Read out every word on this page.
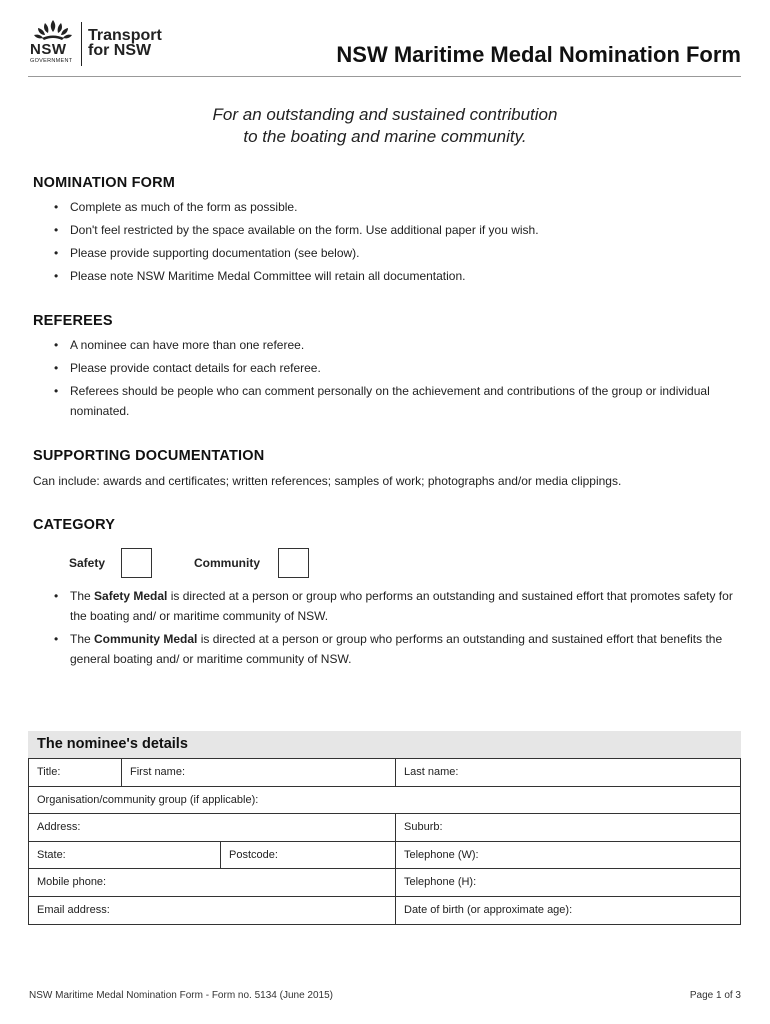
NSW
GOVERNMENT
Transport
for NSW	NSW Maritime Medal Nomination Form
For an outstanding and sustained contribution
to the boating and marine community.
NOMINATION FORM
• Complete as much of the form as possible.
• Don't feel restricted by the space available on the form. Use additional paper if you wish.
• Please provide supporting documentation (see below).
• Please note NSW Maritime Medal Committee will retain all documentation.
REFEREES
• A nominee can have more than one referee.
• Please provide contact details for each referee.
• Referees should be people who can comment personally on the achievement and contributions of the group or individual nominated.
SUPPORTING DOCUMENTATION
Can include: awards and certificates; written references; samples of work; photographs and/or media clippings.
CATEGORY
Safety	Community
• The Safety Medal is directed at a person or group who performs an outstanding and sustained effort that promotes safety for the boating and/ or maritime community of NSW.
• The Community Medal is directed at a person or group who performs an outstanding and sustained effort that benefits the general boating and/ or maritime community of NSW.
The nominee's details
Title:	First name:	Last name:
Organisation/community group (if applicable):
Address:	Suburb:
State:	Postcode:	Telephone (W):
Mobile phone:	Telephone (H):
Email address:	Date of birth (or approximate age):
NSW Maritime Medal Nomination Form - Form no. 5134 (June 2015)	Page 1 of 3
